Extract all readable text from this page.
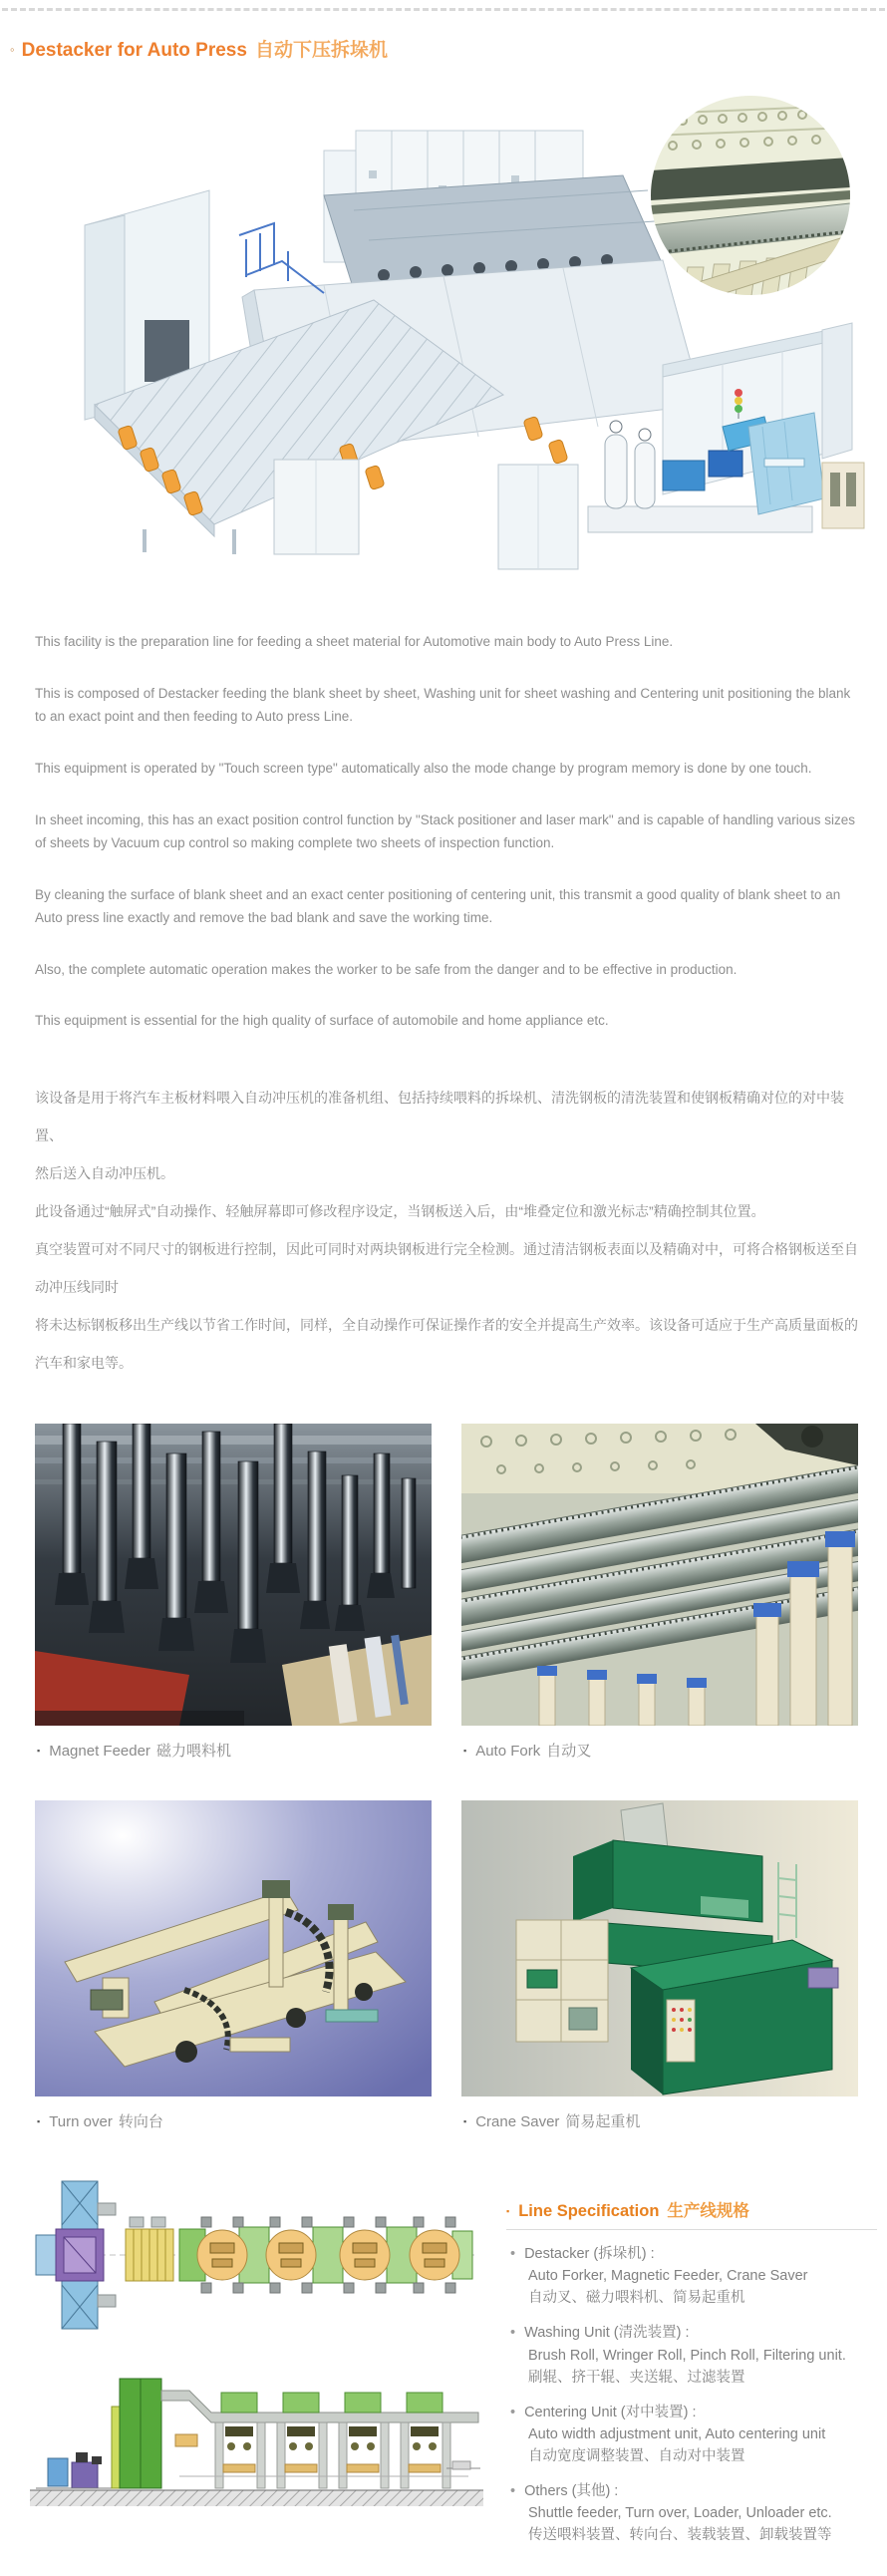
◦ Destacker for Auto Press 自动下压拆垛机

This facility is the preparation line for feeding a sheet material for Automotive main body to Auto Press Line.

This is composed of Destacker feeding the blank sheet by sheet, Washing unit for sheet washing and Centering unit positioning the blank to an exact point and then feeding to Auto press Line.

This equipment is operated by "Touch screen type" automatically also the mode change by program memory is done by one touch.

In sheet incoming, this has an exact position control function by "Stack positioner and laser mark" and is capable of handling various sizes of sheets by Vacuum cup control so making complete two sheets of inspection function.

By cleaning the surface of blank sheet and an exact center positioning of centering unit, this transmit a good quality of blank sheet to an Auto press line exactly and remove the bad blank and save the working time.

Also, the complete automatic operation makes the worker to be safe from the danger and to be effective in production.

This equipment is essential for the high quality of surface of automobile and home appliance etc.

该设备是用于将汽车主板材料喂入自动冲压机的准备机组、包括持续喂料的拆垛机、清洗钢板的清洗装置和使钢板精确对位的对中装置、
然后送入自动冲压机。
此设备通过“触屏式”自动操作、轻触屏幕即可修改程序设定，当钢板送入后，由“堆叠定位和激光标志”精确控制其位置。
真空装置可对不同尺寸的钢板进行控制，因此可同时对两块钢板进行完全检测。通过清洁钢板表面以及精确对中，可将合格钢板送至自动冲压线同时
将未达标钢板移出生产线以节省工作时间，同样，全自动操作可保证操作者的安全并提高生产效率。该设备可适应于生产高质量面板的汽车和家电等。
▪ Magnet Feeder 磁力喂料机	▪ Auto Fork 自动叉
▪ Turn over 转向台	▪ Crane Saver 简易起重机
▪ Line Specification 生产线规格
• Destacker (拆垛机) :
Auto Forker, Magnetic Feeder, Crane Saver
自动叉、磁力喂料机、简易起重机
• Washing Unit (清洗装置) :
Brush Roll, Wringer Roll, Pinch Roll, Filtering unit.
刷辊、挤干辊、夹送辊、过滤装置
• Centering Unit (对中装置) :
Auto width adjustment unit, Auto centering unit
自动宽度调整装置、自动对中装置
• Others (其他) :
Shuttle feeder, Turn over, Loader, Unloader etc.
传送喂料装置、转向台、装载装置、卸载装置等
